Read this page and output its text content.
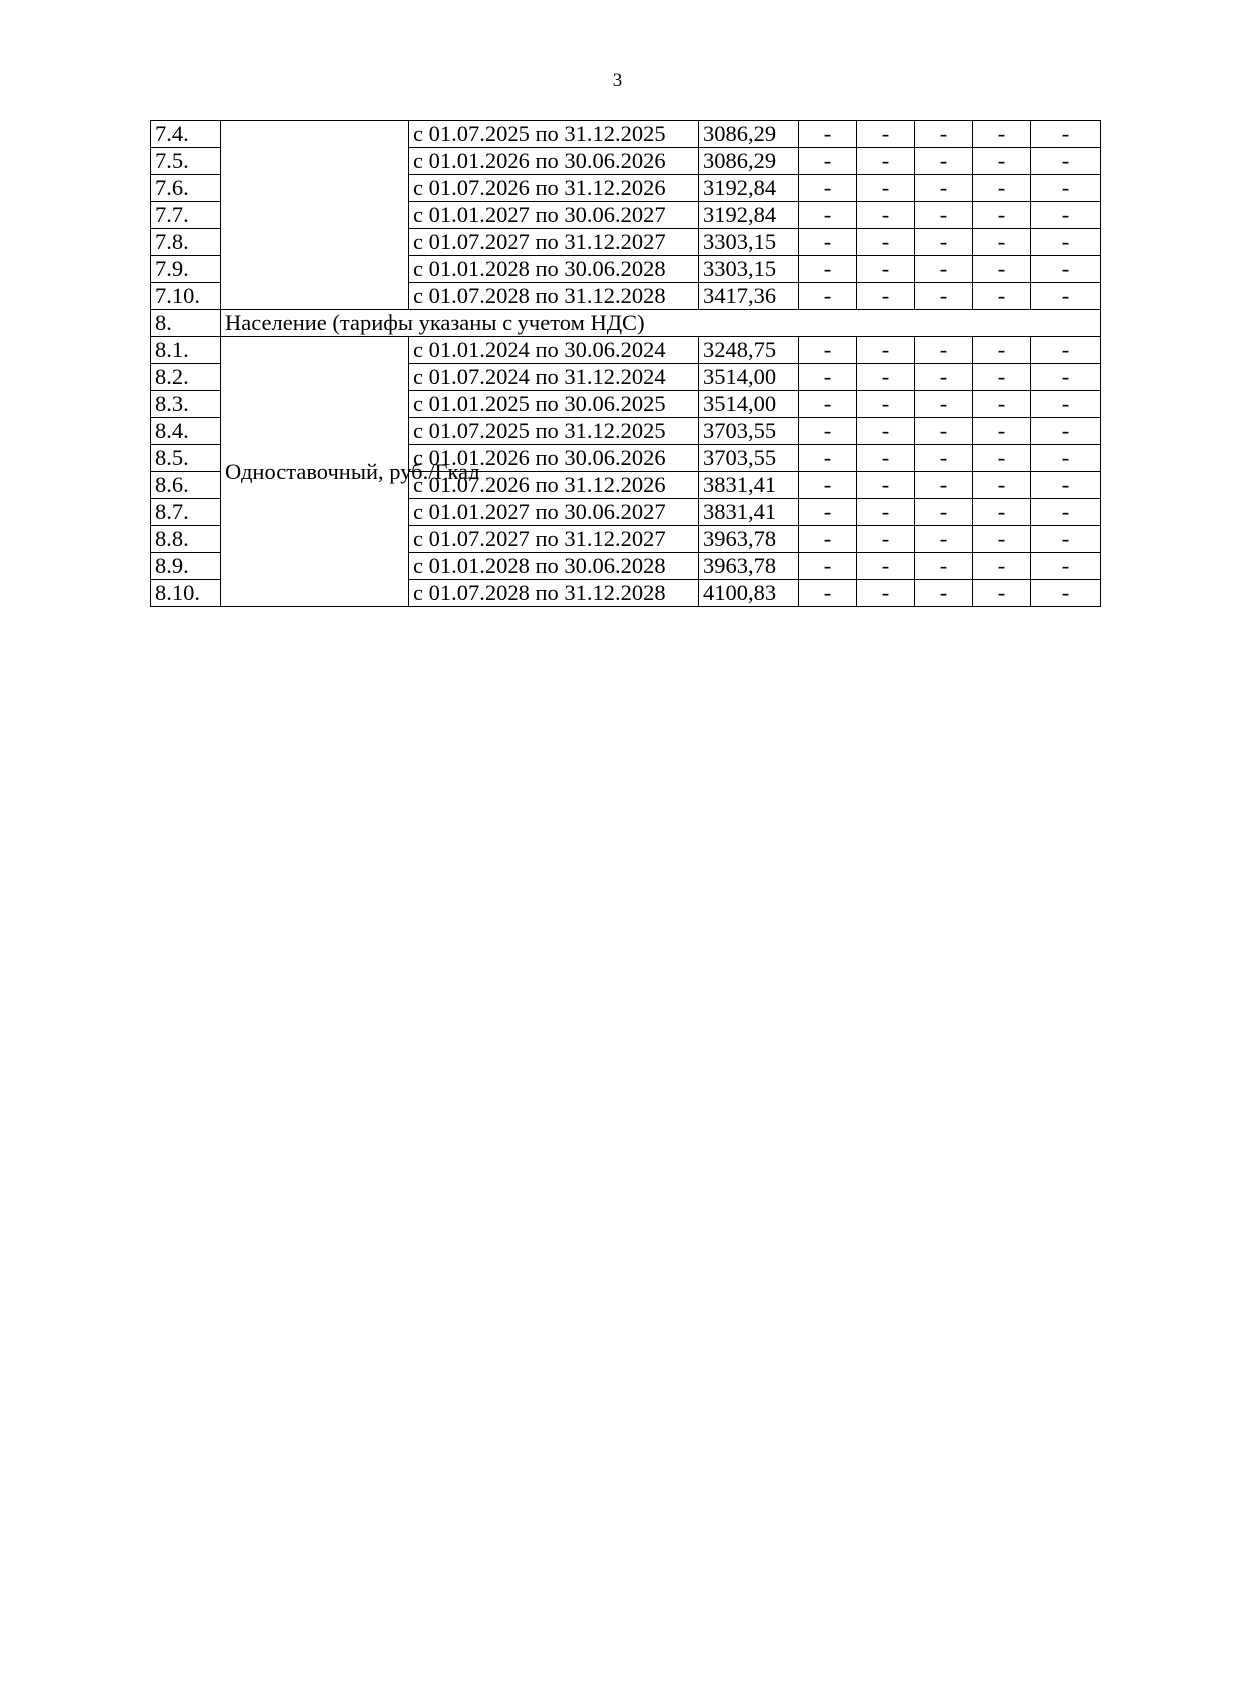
3
7.4.		с 01.07.2025 по 31.12.2025	3086,29	-	-	-	-	-
7.5.		с 01.01.2026 по 30.06.2026	3086,29	-	-	-	-	-
7.6.		с 01.07.2026 по 31.12.2026	3192,84	-	-	-	-	-
7.7.		с 01.01.2027 по 30.06.2027	3192,84	-	-	-	-	-
7.8.		с 01.07.2027 по 31.12.2027	3303,15	-	-	-	-	-
7.9.		с 01.01.2028 по 30.06.2028	3303,15	-	-	-	-	-
7.10.		с 01.07.2028 по 31.12.2028	3417,36	-	-	-	-	-
8.	Население (тарифы указаны с учетом НДС)							
8.1.	Одноставочный, руб./Гкал	с 01.01.2024 по 30.06.2024	3248,75	-	-	-	-	-
8.2.		с 01.07.2024 по 31.12.2024	3514,00	-	-	-	-	-
8.3.		с 01.01.2025 по 30.06.2025	3514,00	-	-	-	-	-
8.4.		с 01.07.2025 по 31.12.2025	3703,55	-	-	-	-	-
8.5.		с 01.01.2026 по 30.06.2026	3703,55	-	-	-	-	-
8.6.		с 01.07.2026 по 31.12.2026	3831,41	-	-	-	-	-
8.7.		с 01.01.2027 по 30.06.2027	3831,41	-	-	-	-	-
8.8.		с 01.07.2027 по 31.12.2027	3963,78	-	-	-	-	-
8.9.		с 01.01.2028 по 30.06.2028	3963,78	-	-	-	-	-
8.10.		с 01.07.2028 по 31.12.2028	4100,83	-	-	-	-	-
